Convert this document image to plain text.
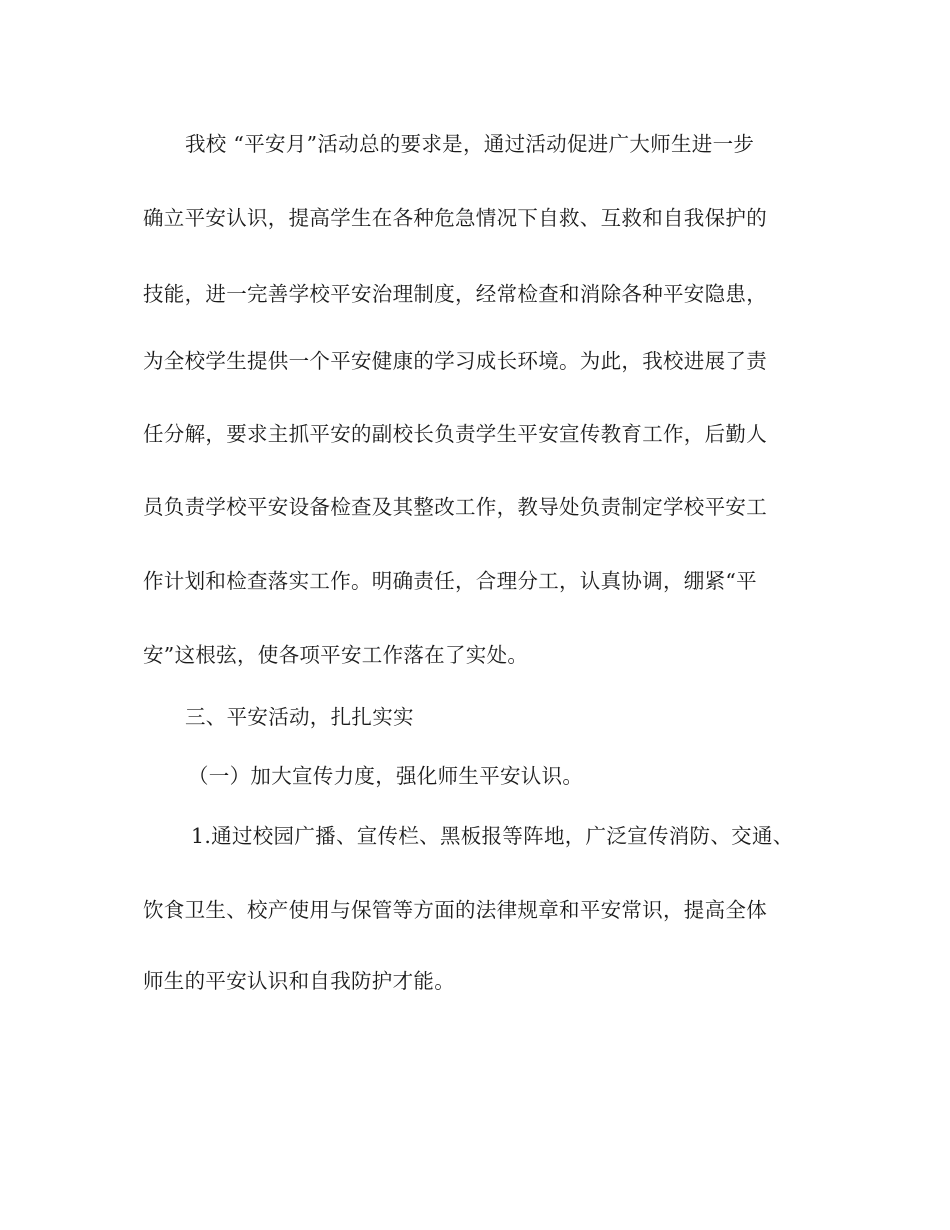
我校 “平安月”活动总的要求是，通过活动促进广大师生进一步
确立平安认识，提高学生在各种危急情况下自救、互救和自我保护的
技能，进一完善学校平安治理制度，经常检查和消除各种平安隐患，
为全校学生提供一个平安健康的学习成长环境。为此，我校进展了责
任分解，要求主抓平安的副校长负责学生平安宣传教育工作，后勤人
员负责学校平安设备检查及其整改工作，教导处负责制定学校平安工
作计划和检查落实工作。明确责任，合理分工，认真协调，绷紧“平
安”这根弦，使各项平安工作落在了实处。
三、平安活动，扎扎实实
（一）加大宣传力度，强化师生平安认识。
1.通过校园广播、宣传栏、黑板报等阵地，广泛宣传消防、交通、
饮食卫生、校产使用与保管等方面的法律规章和平安常识，提高全体
师生的平安认识和自我防护才能。
